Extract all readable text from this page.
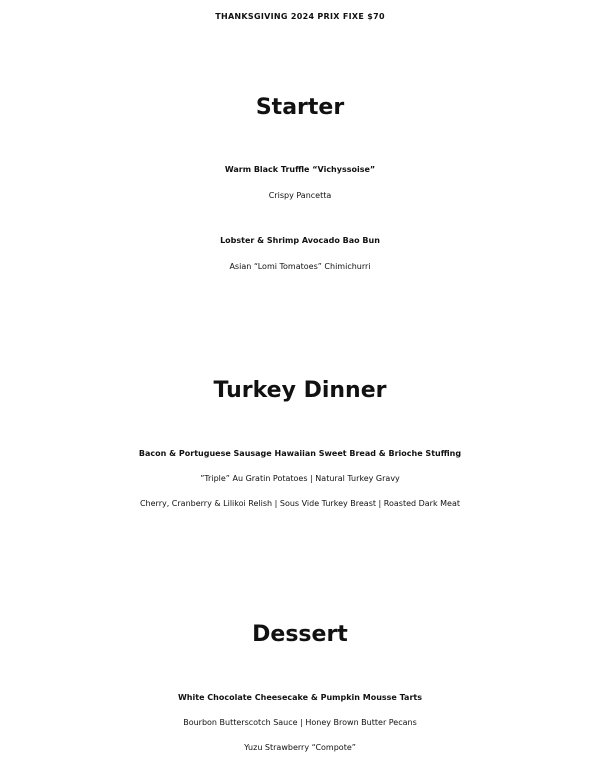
THANKSGIVING 2024 PRIX FIXE $70
Starter
Warm Black Truffle “Vichyssoise”
Crispy Pancetta
Lobster & Shrimp Avocado Bao Bun
Asian “Lomi Tomatoes” Chimichurri
Turkey Dinner
Bacon & Portuguese Sausage Hawaiian Sweet Bread & Brioche Stuffing
”Triple” Au Gratin Potatoes | Natural Turkey Gravy
Cherry, Cranberry & Lilikoi Relish | Sous Vide Turkey Breast | Roasted Dark Meat
Dessert
White Chocolate Cheesecake & Pumpkin Mousse Tarts
Bourbon Butterscotch Sauce | Honey Brown Butter Pecans
Yuzu Strawberry “Compote”
